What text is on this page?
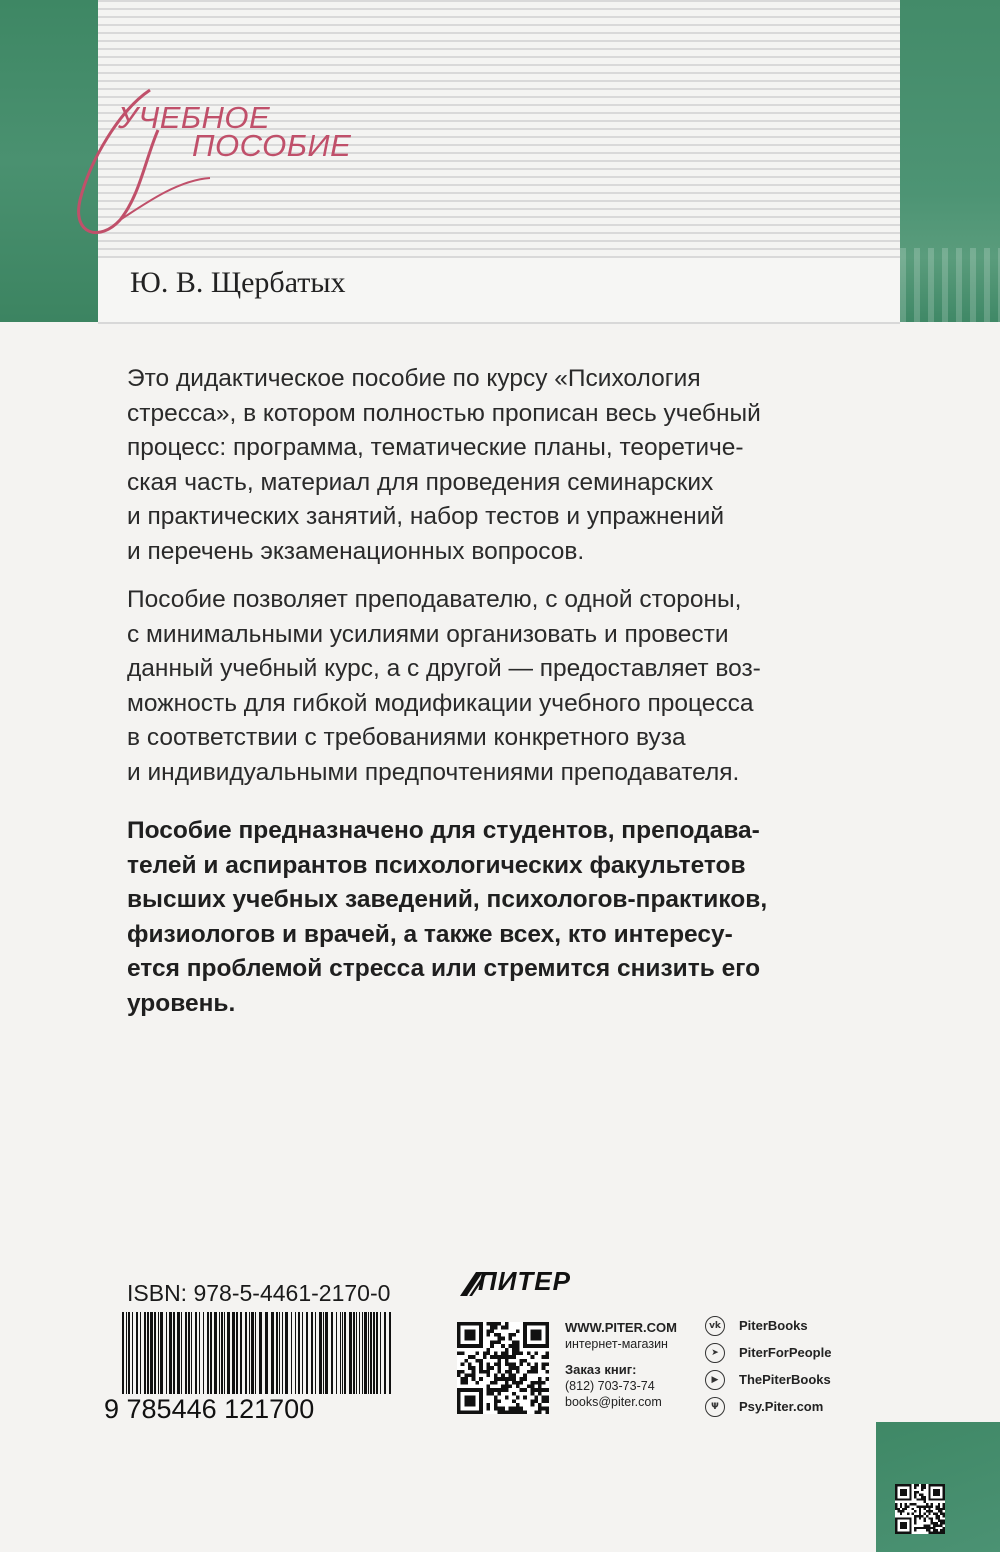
УЧЕБНОЕ
ПОСОБИЕ
Ю. В. Щербатых

Это дидактическое пособие по курсу «Психология
стресса», в котором полностью прописан весь учебный
процесс: программа, тематические планы, теоретиче-
ская часть, материал для проведения семинарских
и практических занятий, набор тестов и упражнений
и перечень экзаменационных вопросов.

Пособие позволяет преподавателю, с одной стороны,
с минимальными усилиями организовать и провести
данный учебный курс, а с другой — предоставляет воз-
можность для гибкой модификации учебного процесса
в соответствии с требованиями конкретного вуза
и индивидуальными предпочтениями преподавателя.

Пособие предназначено для студентов, преподава-
телей и аспирантов психологических факультетов
высших учебных заведений, психологов-практиков,
физиологов и врачей, а также всех, кто интересу-
ется проблемой стресса или стремится снизить его
уровень.
ISBN: 978-5-4461-2170-0
9 785446 121700
ПИТЕР
WWW.PITER.COM
интернет-магазин
Заказ книг:
(812) 703-73-74
books@piter.com
vk	PiterBooks
➤	PiterForPeople
▶	ThePiterBooks
Ψ	Psy.Piter.com
